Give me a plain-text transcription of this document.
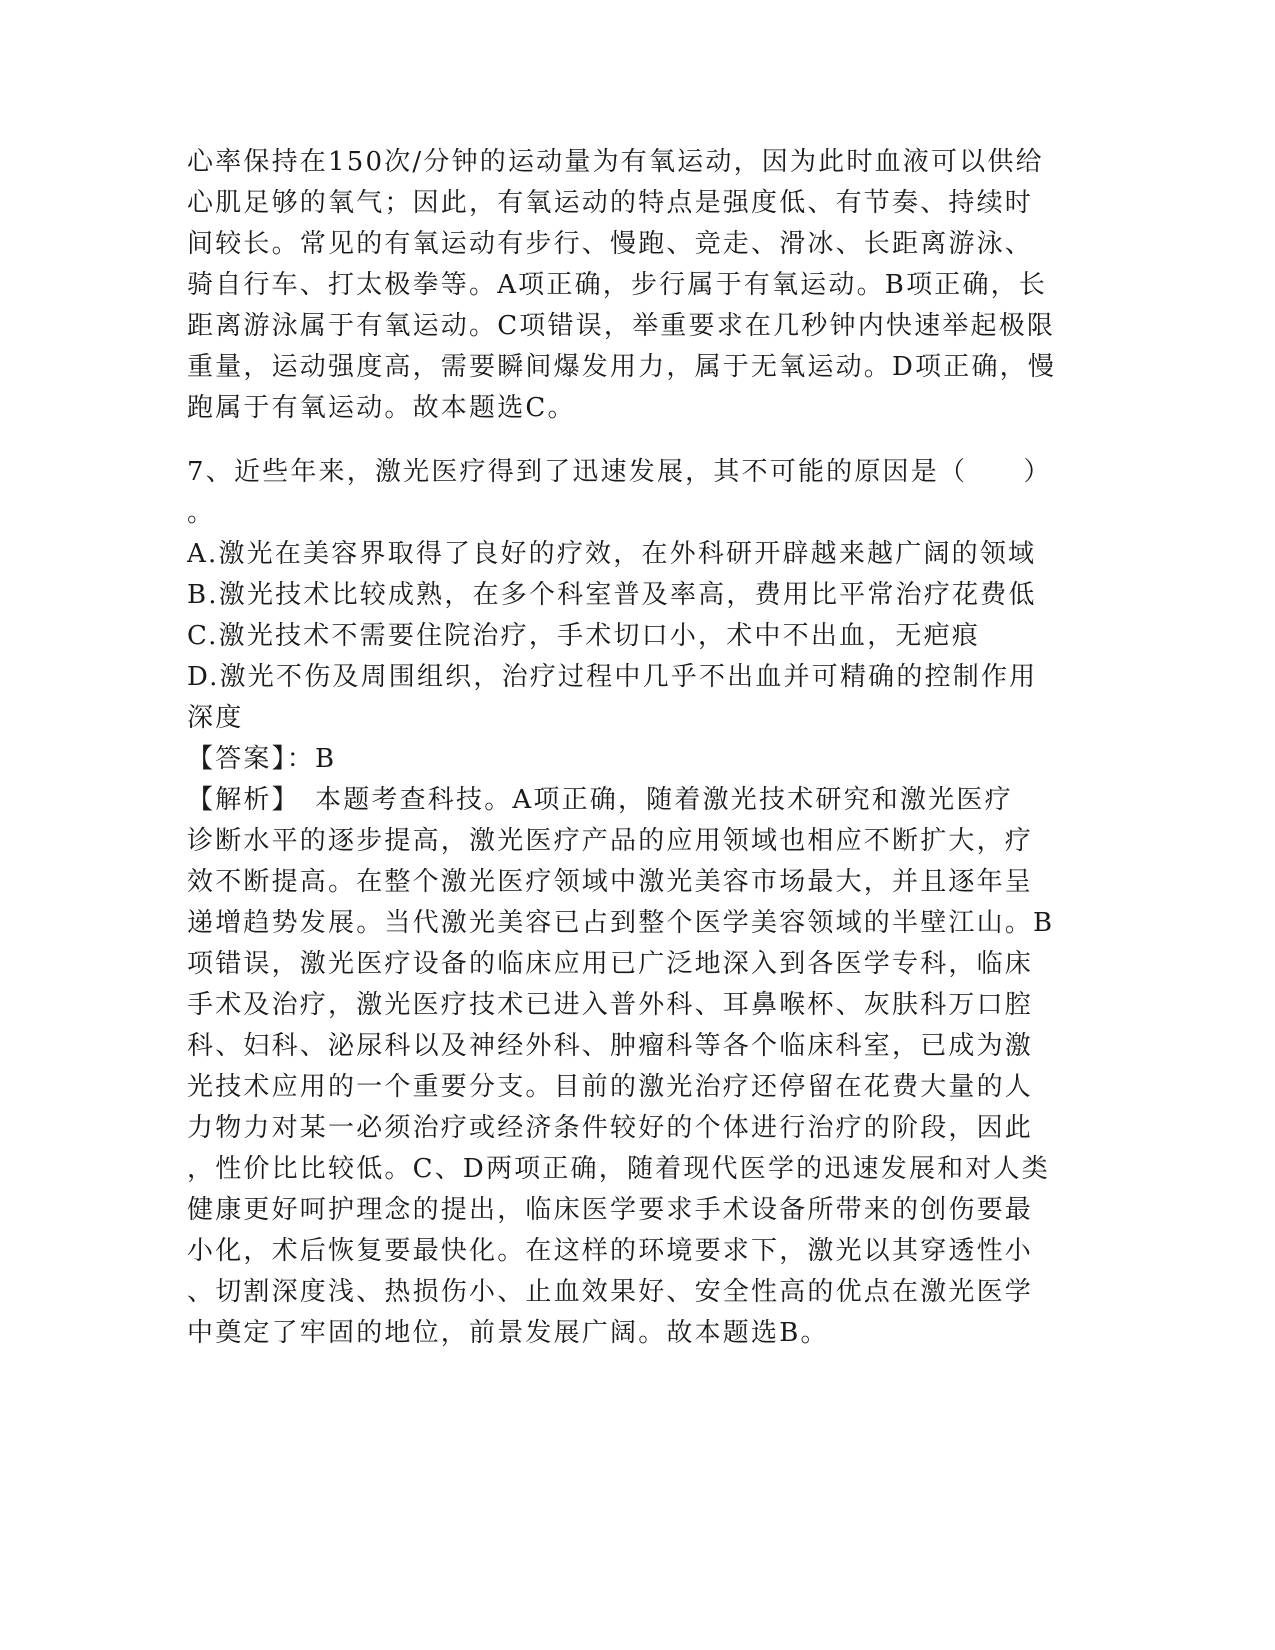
心率保持在150次/分钟的运动量为有氧运动，因为此时血液可以供给
心肌足够的氧气；因此，有氧运动的特点是强度低、有节奏、持续时
间较长。常见的有氧运动有步行、慢跑、竞走、滑冰、长距离游泳、
骑自行车、打太极拳等。A项正确，步行属于有氧运动。B项正确，长
距离游泳属于有氧运动。C项错误，举重要求在几秒钟内快速举起极限
重量，运动强度高，需要瞬间爆发用力，属于无氧运动。D项正确，慢
跑属于有氧运动。故本题选C。
7、近些年来，激光医疗得到了迅速发展，其不可能的原因是（　　）
。
A.激光在美容界取得了良好的疗效，在外科研开辟越来越广阔的领域
B.激光技术比较成熟，在多个科室普及率高，费用比平常治疗花费低
C.激光技术不需要住院治疗，手术切口小，术中不出血，无疤痕
D.激光不伤及周围组织，治疗过程中几乎不出血并可精确的控制作用
深度
【答案】：B
【解析】　本题考查科技。A项正确，随着激光技术研究和激光医疗
诊断水平的逐步提高，激光医疗产品的应用领域也相应不断扩大，疗
效不断提高。在整个激光医疗领域中激光美容市场最大，并且逐年呈
递增趋势发展。当代激光美容已占到整个医学美容领域的半壁江山。B
项错误，激光医疗设备的临床应用已广泛地深入到各医学专科，临床
手术及治疗，激光医疗技术已进入普外科、耳鼻喉杯、灰肤科万口腔
科、妇科、泌尿科以及神经外科、肿瘤科等各个临床科室，已成为激
光技术应用的一个重要分支。目前的激光治疗还停留在花费大量的人
力物力对某一必须治疗或经济条件较好的个体进行治疗的阶段，因此
，性价比比较低。C、D两项正确，随着现代医学的迅速发展和对人类
健康更好呵护理念的提出，临床医学要求手术设备所带来的创伤要最
小化，术后恢复要最快化。在这样的环境要求下，激光以其穿透性小
、切割深度浅、热损伤小、止血效果好、安全性高的优点在激光医学
中奠定了牢固的地位，前景发展广阔。故本题选B。
